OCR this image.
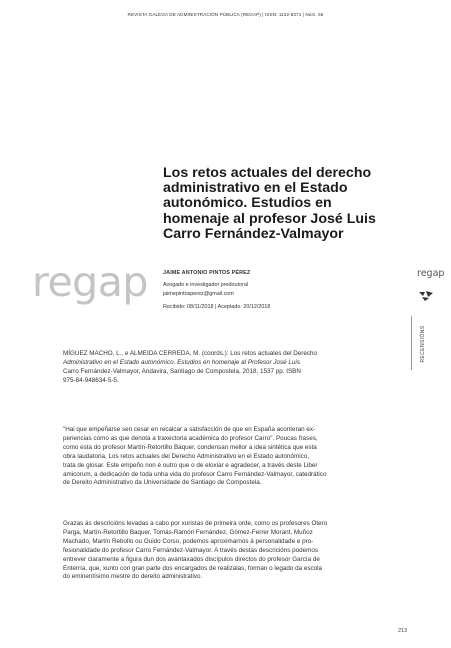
REVISTA GALEGA DE ADMINISTRACIÓN PÚBLICA (REGAP) | ISSN: 1132-8371 | Núm. 56
Los retos actuales del derecho
administrativo en el Estado
autonómico. Estudios en
homenaje al profesor José Luis
Carro Fernández-Valmayor
regap	JAIME ANTONIO PINTOS PÉREZ
Avogado e investigador predoutoral
jaimepintosperez@gmail.com
Recibido: 08/11/2018 | Aceptado: 20/12/2018
regap
RECENSIÓNS
MÍGUEZ MACHO, L., e ALMEIDA CERREDA, M. (coords.): Los retos actuales del Derecho
Administrativo en el Estado autonómico. Estudios en homenaje al Profesor José Luis
Carro Fernández-Valmayor, Andavira, Santiago de Compostela, 2018, 1537 pp. ISBN
975-84-948634-5-5.
"Hai que empeñarse sen cesar en recalcar a satisfacción de que en España aconteran ex-
periencias como as que denota a traxectoria académica do profesor Carro". Poucas frases,
como esta do profesor Martín-Retortillo Baquer, condensan mellor a idea sintética que esta
obra laudatoria, Los retos actuales del Derecho Administrativo en el Estado autonómico,
trata de glosar. Este empeño non é outro que o de eloxiar e agradecer, a través deste Liber
amicorum, a dedicación de toda unha vida do profesor Carro Fernández-Valmayor, catedrático
de Dereito Administrativo da Universidade de Santiago de Compostela.
Grazas ás descricións levadas a cabo por xuristas de primeira orde, como os profesores Otero
Parga, Martín-Retortillo Baquer, Tomás-Ramón Fernández, Gómez-Ferrer Morant, Muñoz
Machado, Martín Rebollo ou Guido Corso, podemos aproximarnos á personalidade e pro-
fesionalidade do profesor Carro Fernández-Valmayor. A través destas descricións podemos
entrever claramente a figura dun dos avantaxados discípulos directos do profesor García de
Enterría, que, xunto con gran parte dos encargados de realizalas, forman o legado da escola
do eminentísimo mestre do dereito administrativo.
213
